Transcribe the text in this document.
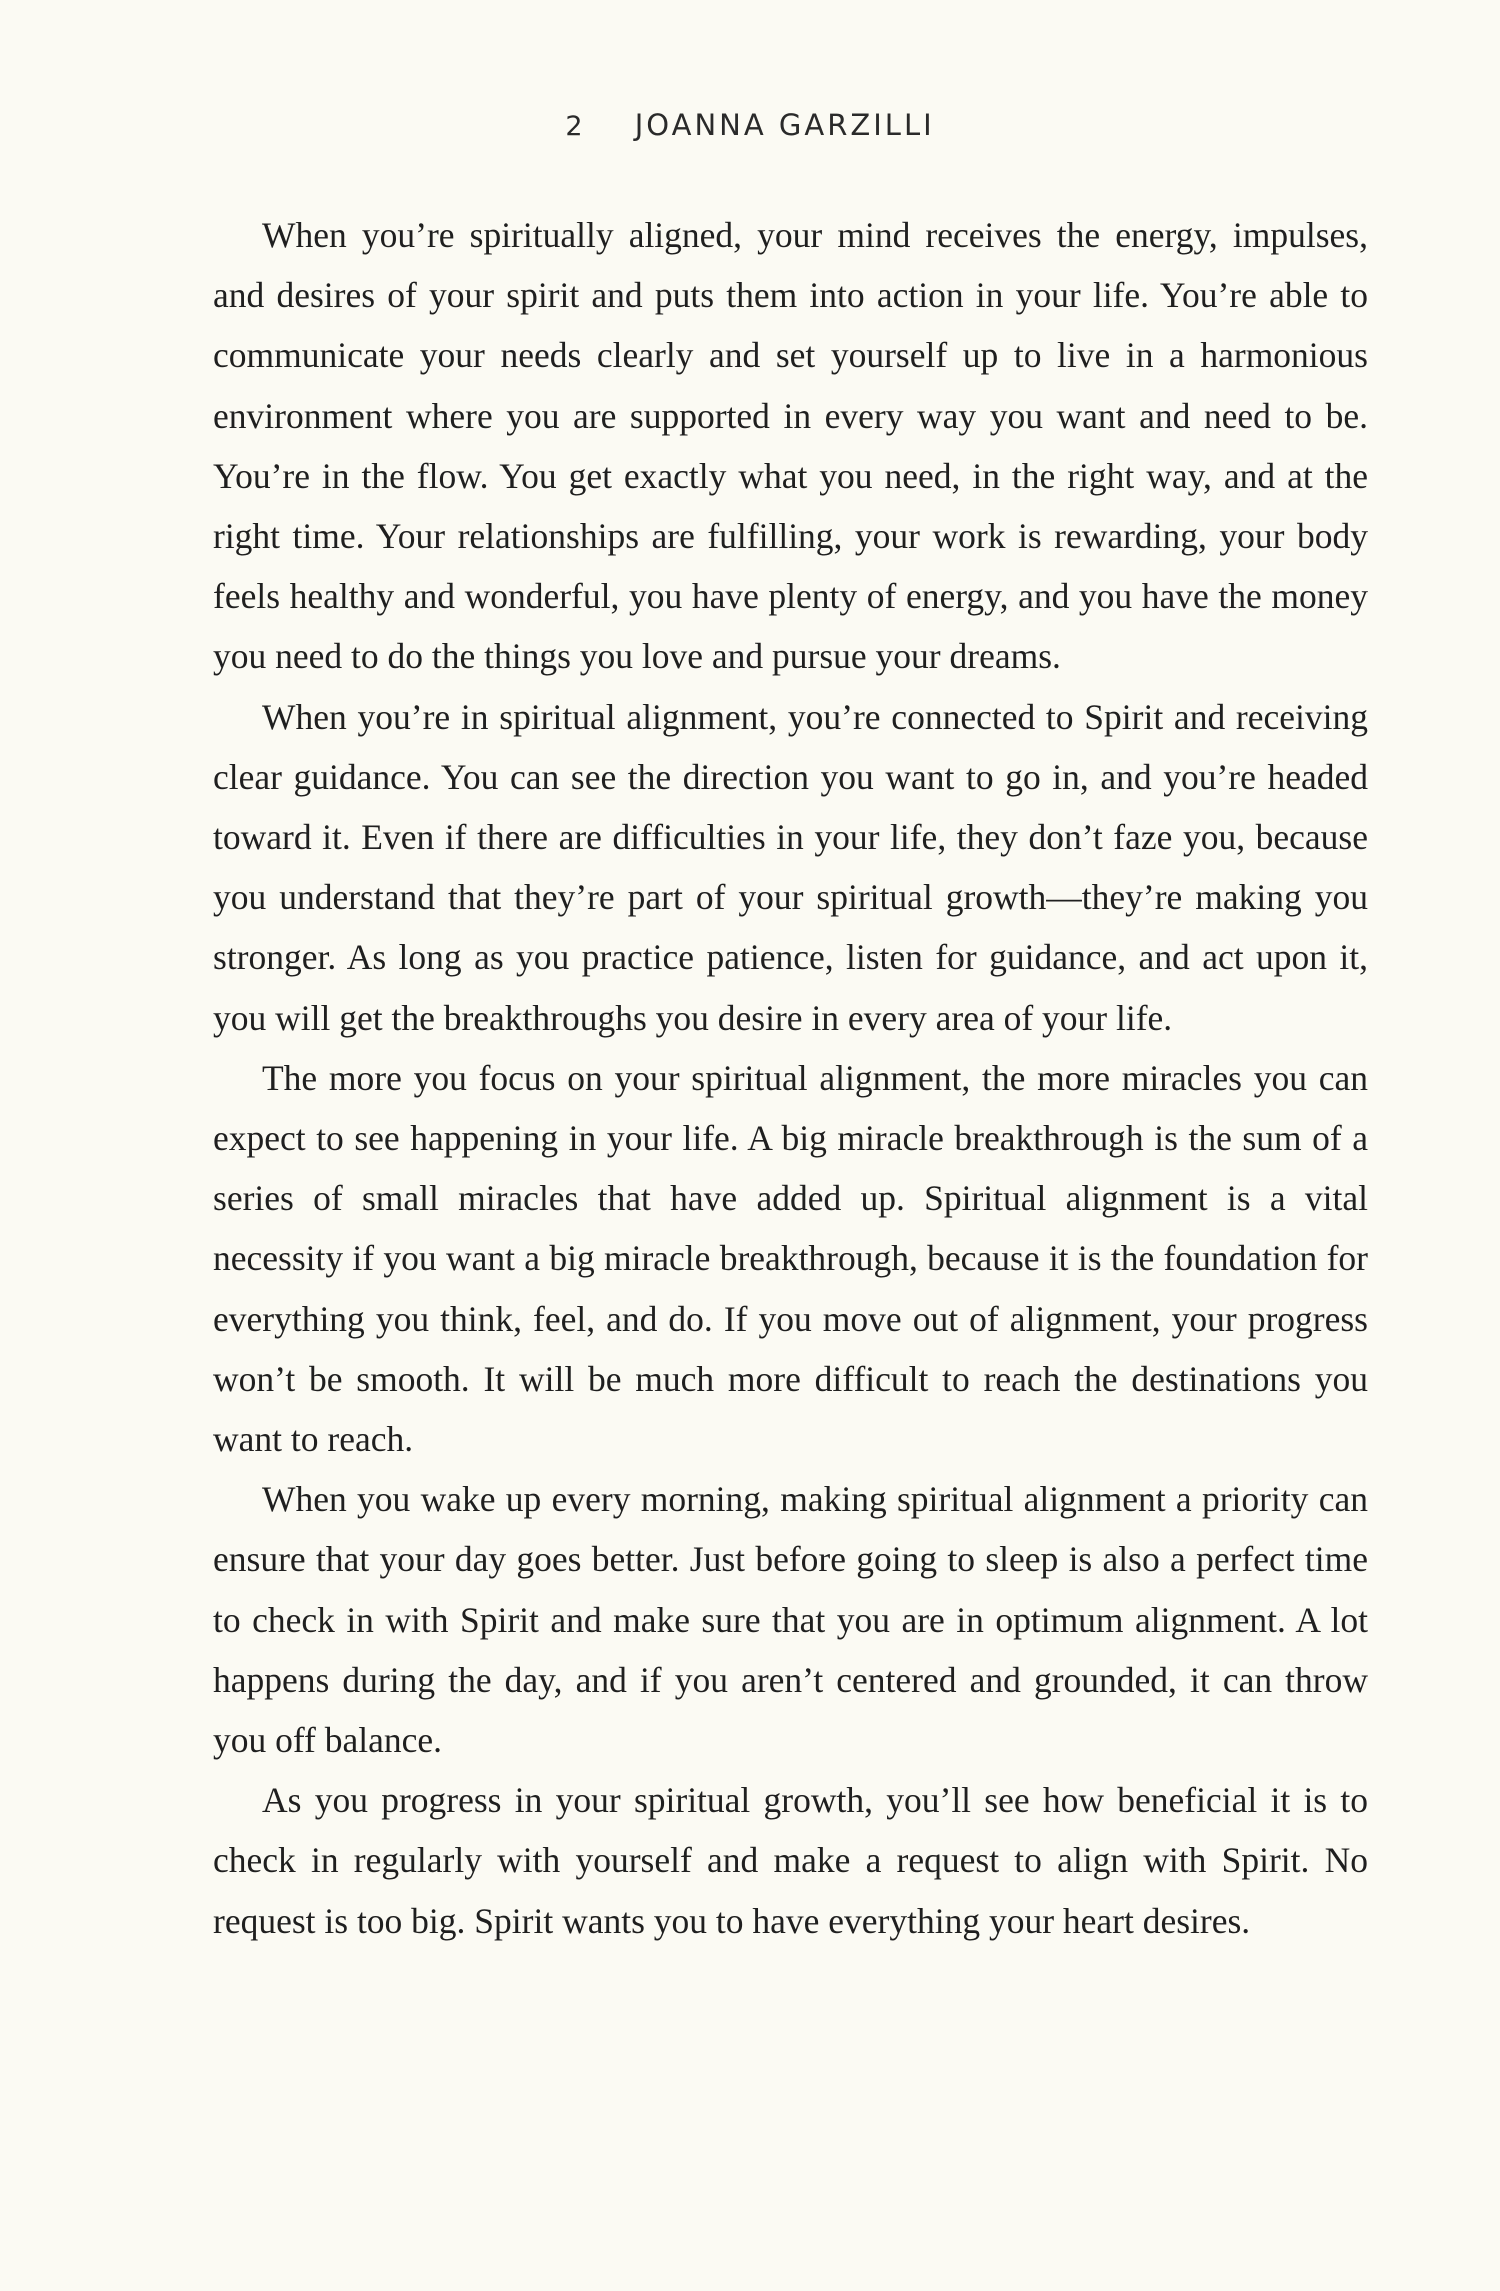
2 JOANNA GARZILLI

When you’re spiritually aligned, your mind receives the energy, impulses, and desires of your spirit and puts them into action in your life. You’re able to communicate your needs clearly and set yourself up to live in a harmonious environment where you are supported in every way you want and need to be. You’re in the flow. You get exactly what you need, in the right way, and at the right time. Your relationships are fulfilling, your work is rewarding, your body feels healthy and wonderful, you have plenty of energy, and you have the money you need to do the things you love and pursue your dreams.

When you’re in spiritual alignment, you’re connected to Spirit and receiving clear guidance. You can see the direction you want to go in, and you’re headed toward it. Even if there are difficulties in your life, they don’t faze you, because you understand that they’re part of your spiritual growth—they’re making you stronger. As long as you practice patience, listen for guidance, and act upon it, you will get the breakthroughs you desire in every area of your life.

The more you focus on your spiritual alignment, the more miracles you can expect to see happening in your life. A big miracle breakthrough is the sum of a series of small miracles that have added up. Spiritual alignment is a vital necessity if you want a big miracle breakthrough, because it is the foundation for everything you think, feel, and do. If you move out of alignment, your progress won’t be smooth. It will be much more difficult to reach the destinations you want to reach.

When you wake up every morning, making spiritual alignment a priority can ensure that your day goes better. Just before going to sleep is also a perfect time to check in with Spirit and make sure that you are in optimum alignment. A lot happens during the day, and if you aren’t centered and grounded, it can throw you off balance.

As you progress in your spiritual growth, you’ll see how beneficial it is to check in regularly with yourself and make a request to align with Spirit. No request is too big. Spirit wants you to have everything your heart desires.
